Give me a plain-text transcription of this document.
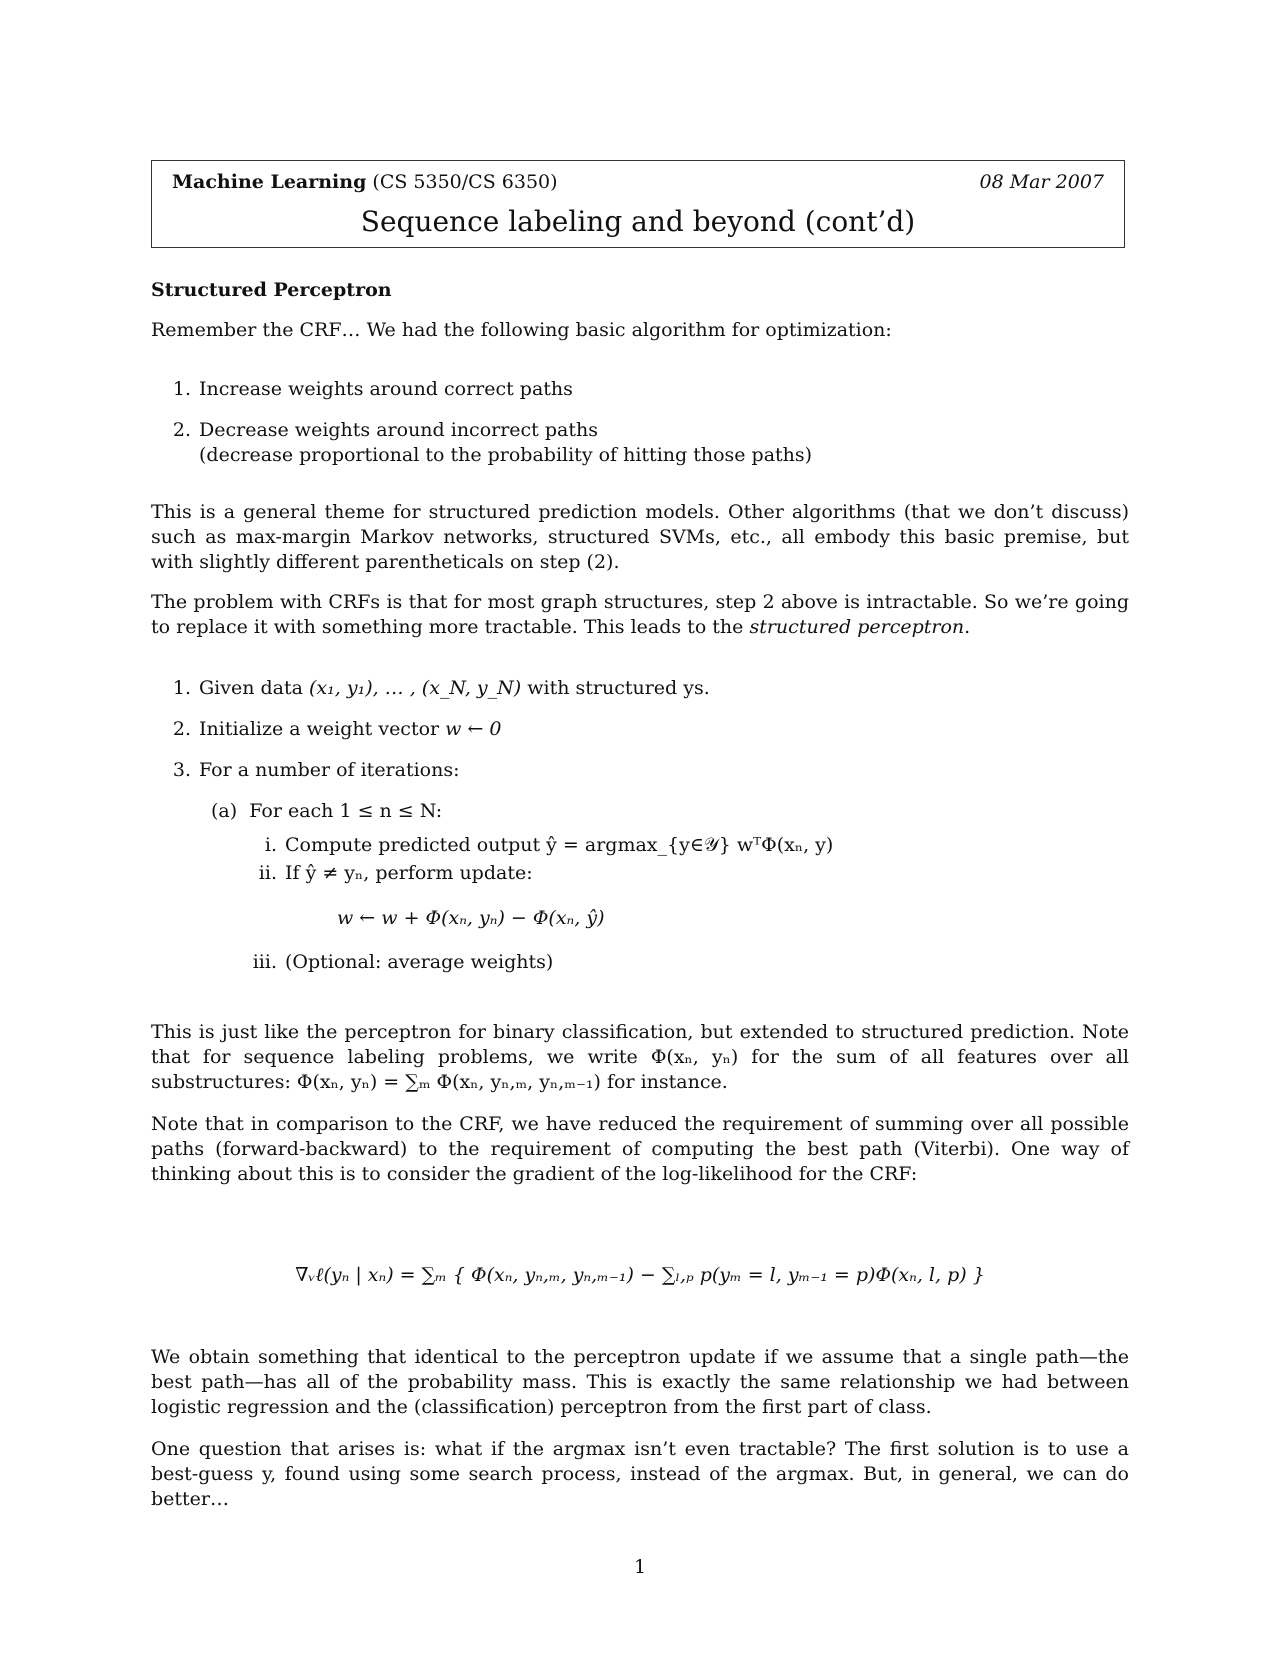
Machine Learning (CS 5350/CS 6350)	08 Mar 2007
Sequence labeling and beyond (cont’d)
Structured Perceptron
Remember the CRF… We had the following basic algorithm for optimization:
1. Increase weights around correct paths
2. Decrease weights around incorrect paths
(decrease proportional to the probability of hitting those paths)
This is a general theme for structured prediction models. Other algorithms (that we don’t discuss) such as max-margin Markov networks, structured SVMs, etc., all embody this basic premise, but with slightly different parentheticals on step (2).
The problem with CRFs is that for most graph structures, step 2 above is intractable. So we’re going to replace it with something more tractable. This leads to the structured perceptron.
1. Given data (x₁, y₁), … , (x_N, y_N) with structured ys.
2. Initialize a weight vector w ← 0
3. For a number of iterations:
(a) For each 1 ≤ n ≤ N:
i. Compute predicted output ŷ = argmax_{y∈𝒴} wᵀΦ(xₙ, y)
ii. If ŷ ≠ yₙ, perform update:
w ← w + Φ(xₙ, yₙ) − Φ(xₙ, ŷ)
iii. (Optional: average weights)
This is just like the perceptron for binary classification, but extended to structured prediction. Note that for sequence labeling problems, we write Φ(xₙ, yₙ) for the sum of all features over all substructures: Φ(xₙ, yₙ) = ∑ₘ Φ(xₙ, yₙ,ₘ, yₙ,ₘ₋₁) for instance.
Note that in comparison to the CRF, we have reduced the requirement of summing over all possible paths (forward-backward) to the requirement of computing the best path (Viterbi). One way of thinking about this is to consider the gradient of the log-likelihood for the CRF:
∇ᵥℓ(yₙ | xₙ) = ∑ₘ { Φ(xₙ, yₙ,ₘ, yₙ,ₘ₋₁) − ∑ₗ,ₚ p(yₘ = l, yₘ₋₁ = p)Φ(xₙ, l, p) }
We obtain something that identical to the perceptron update if we assume that a single path—the best path—has all of the probability mass. This is exactly the same relationship we had between logistic regression and the (classification) perceptron from the first part of class.
One question that arises is: what if the argmax isn’t even tractable? The first solution is to use a best-guess y, found using some search process, instead of the argmax. But, in general, we can do better…
1
